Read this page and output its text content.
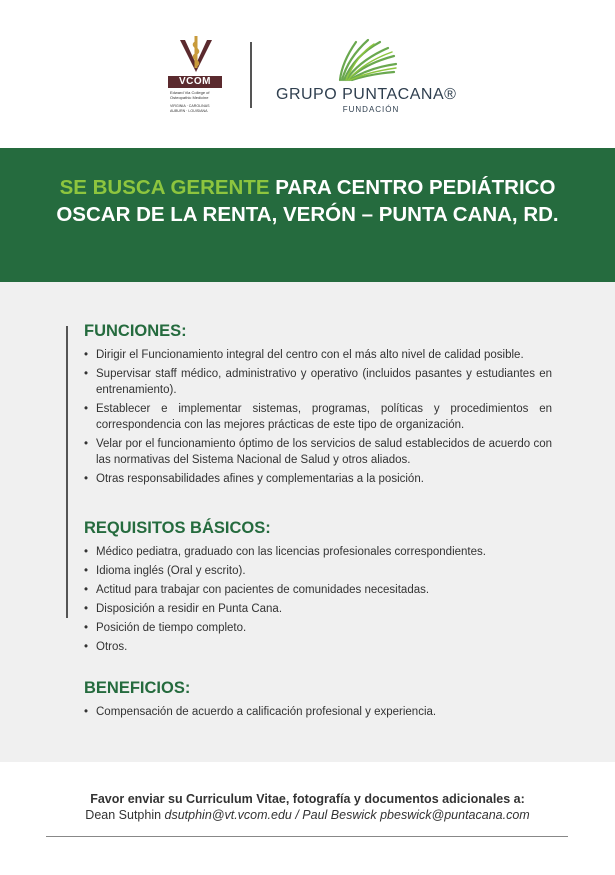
VCOM
Edward Via College of Osteopathic Medicine
VIRGINIA · CAROLINAS AUBURN · LOUISIANA
GRUPO PUNTACANA®
FUNDACIÓN
SE BUSCA GERENTE PARA CENTRO PEDIÁTRICO OSCAR DE LA RENTA, VERÓN – PUNTA CANA, RD.
FUNCIONES:
• Dirigir el Funcionamiento integral del centro con el más alto nivel de calidad posible.
• Supervisar staff médico, administrativo y operativo (incluidos pasantes y estudiantes en entrenamiento).
• Establecer e implementar sistemas, programas, políticas y procedimientos en correspondencia con las mejores prácticas de este tipo de organización.
• Velar por el funcionamiento óptimo de los servicios de salud establecidos de acuerdo con las normativas del Sistema Nacional de Salud y otros aliados.
• Otras responsabilidades afines y complementarias a la posición.
REQUISITOS BÁSICOS:
• Médico pediatra, graduado con las licencias profesionales correspondientes.
• Idioma inglés (Oral y escrito).
• Actitud para trabajar con pacientes de comunidades necesitadas.
• Disposición a residir en Punta Cana.
• Posición de tiempo completo.
• Otros.
BENEFICIOS:
• Compensación de acuerdo a calificación profesional y experiencia.
Favor enviar su Curriculum Vitae, fotografía y documentos adicionales a:
Dean Sutphin dsutphin@vt.vcom.edu / Paul Beswick pbeswick@puntacana.com
